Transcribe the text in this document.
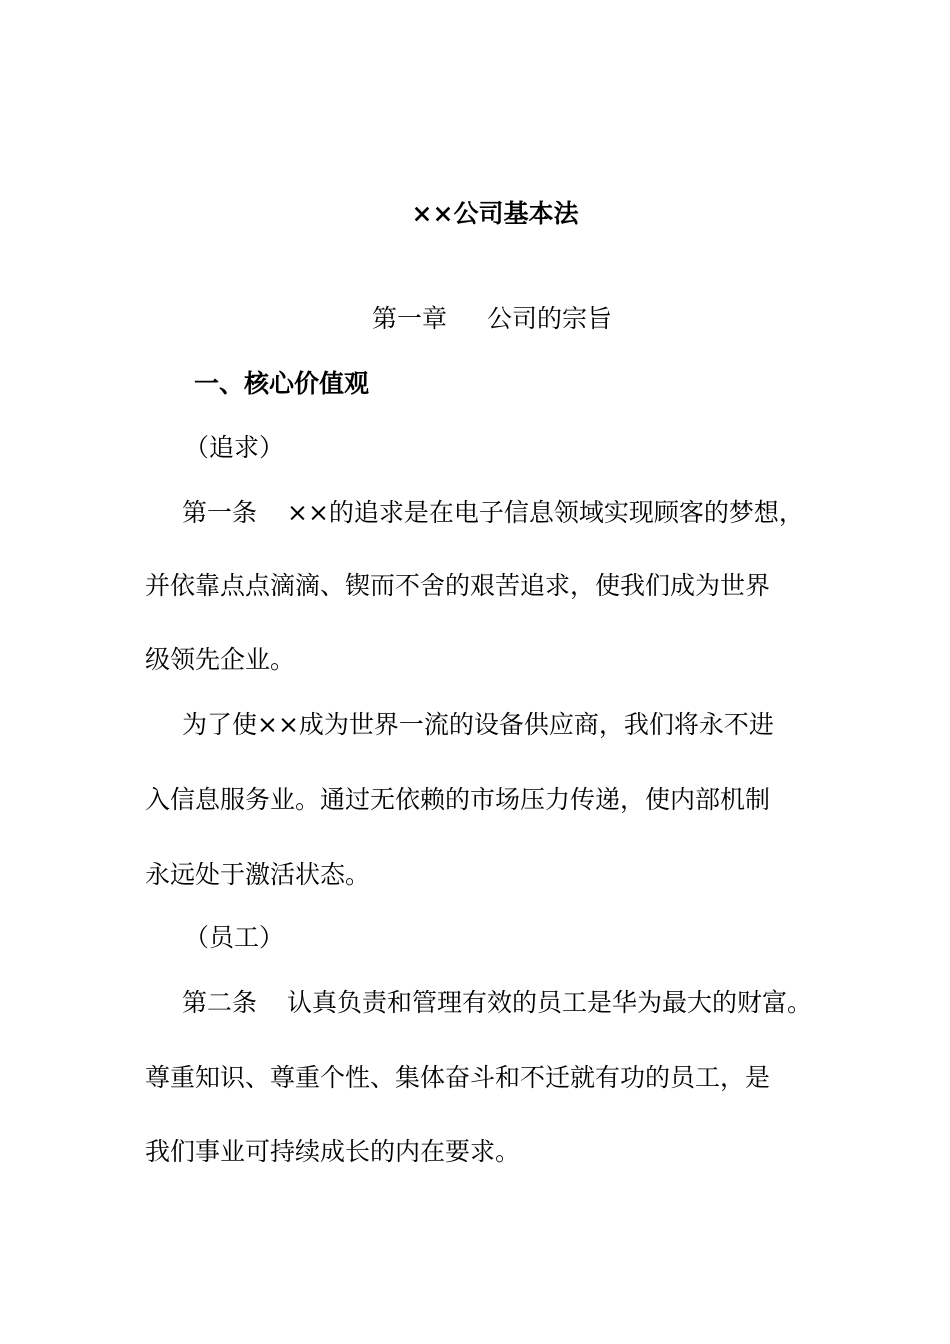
××公司基本法
第一章 公司的宗旨
一、核心价值观
（追求）
第一条 ××的追求是在电子信息领域实现顾客的梦想，
并依靠点点滴滴、锲而不舍的艰苦追求，使我们成为世界
级领先企业。
为了使××成为世界一流的设备供应商，我们将永不进
入信息服务业。通过无依赖的市场压力传递，使内部机制
永远处于激活状态。
（员工）
第二条 认真负责和管理有效的员工是华为最大的财富。
尊重知识、尊重个性、集体奋斗和不迁就有功的员工，是
我们事业可持续成长的内在要求。
